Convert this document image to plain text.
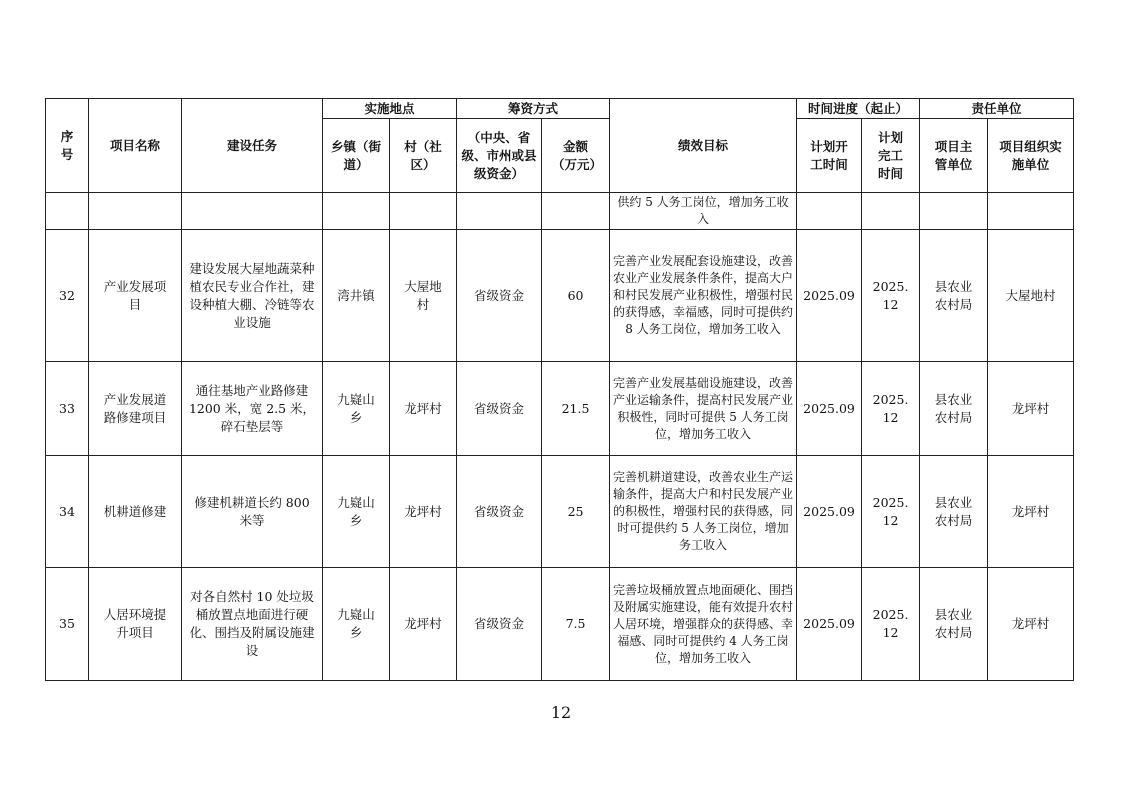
序号	项目名称	建设任务	实施地点		筹资方式		绩效目标	时间进度（起止）		责任单位	
			乡镇（街道）	村（社区）	（中央、省级、市州或县级资金）	金额（万元）		计划开工时间	计划完工时间	项目主管单位	项目组织实施单位
							供约 5 人务工岗位，增加务工收入				
32	产业发展项目	建设发展大屋地蔬菜种植农民专业合作社，建设种植大棚、冷链等农业设施	湾井镇	大屋地村	省级资金	60	完善产业发展配套设施建设，改善农业产业发展条件条件，提高大户和村民发展产业积极性，增强村民的获得感，幸福感，同时可提供约 8 人务工岗位，增加务工收入	2025.09	2025.12	县农业农村局	大屋地村
33	产业发展道路修建项目	通往基地产业路修建 1200 米，宽 2.5 米，碎石垫层等	九嶷山乡	龙坪村	省级资金	21.5	完善产业发展基础设施建设，改善产业运输条件，提高村民发展产业积极性，同时可提供 5 人务工岗位，增加务工收入	2025.09	2025.12	县农业农村局	龙坪村
34	机耕道修建	修建机耕道长约 800 米等	九嶷山乡	龙坪村	省级资金	25	完善机耕道建设，改善农业生产运输条件，提高大户和村民发展产业的积极性，增强村民的获得感，同时可提供约 5 人务工岗位，增加务工收入	2025.09	2025.12	县农业农村局	龙坪村
35	人居环境提升项目	对各自然村 10 处垃圾桶放置点地面进行硬化、围挡及附属设施建设	九嶷山乡	龙坪村	省级资金	7.5	完善垃圾桶放置点地面硬化、围挡及附属实施建设，能有效提升农村人居环境，增强群众的获得感、幸福感、同时可提供约 4 人务工岗位，增加务工收入	2025.09	2025.12	县农业农村局	龙坪村
12
